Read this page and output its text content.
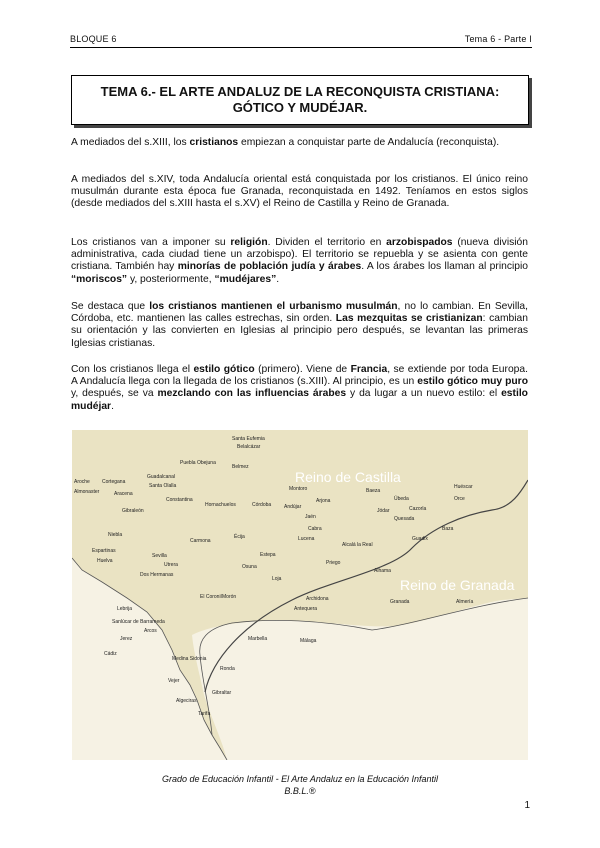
BLOQUE 6	Tema 6 - Parte I
TEMA 6.- EL ARTE ANDALUZ DE LA RECONQUISTA CRISTIANA:
GÓTICO Y MUDÉJAR.
A mediados del s.XIII, los cristianos empiezan a conquistar parte de Andalucía (reconquista).
A mediados del s.XIV, toda Andalucía oriental está conquistada por los cristianos. El único reino musulmán durante esta época fue Granada, reconquistada en 1492. Teníamos en estos siglos (desde mediados del s.XIII hasta el s.XV) el Reino de Castilla y Reino de Granada.
Los cristianos van a imponer su religión. Dividen el territorio en arzobispados (nueva división administrativa, cada ciudad tiene un arzobispo). El territorio se repuebla y se asienta con gente cristiana. También hay minorías de población judía y árabes. A los árabes los llaman al principio “moriscos” y, posteriormente, “mudéjares”.
Se destaca que los cristianos mantienen el urbanismo musulmán, no lo cambian. En Sevilla, Córdoba, etc. mantienen las calles estrechas, sin orden. Las mezquitas se cristianizan: cambian su orientación y las convierten en Iglesias al principio pero después, se levantan las primeras Iglesias cristianas.
Con los cristianos llega el estilo gótico (primero). Viene de Francia, se extiende por toda Europa. A Andalucía llega con la llegada de los cristianos (s.XIII). Al principio, es un estilo gótico muy puro y, después, se va mezclando con las influencias árabes y da lugar a un nuevo estilo: el estilo mudéjar.
Reino de Castilla
Reino de Granada
Santa Eufemia
Belalcázar
Puebla Obejuna
Belmez
Aroche Cortegana
Guadalcanal
Santa Olalla
Almonaster	Aracena
Constantina
Hornachuelos	Córdoba
Montoro
Andújar
Arjona
Jaén
Baeza
Úbeda
Jódar	Cazorla
Quesada
Huéscar
Orce
Gibraleón
Huelva
Niebla
Espartinas
Sevilla
Carmona
Écija
Estepa
Osuna
Lucena
Cabra
Priego
Alcalá la Real
Loja
Alhama
Granada
Guadix
Baza
Almería
Archidona
Antequera
Málaga
El Coronil Morón
Dos Hermanas
Utrera
Lebrija
Sanlúcar de Barrameda
Arcos
Jerez
Cádiz
Medina Sidonia
Vejer
Ronda
Marbella
Gibraltar
Algeciras
Tarifa
Grado de Educación Infantil - El Arte Andaluz en la Educación Infantil
B.B.L.®
1
